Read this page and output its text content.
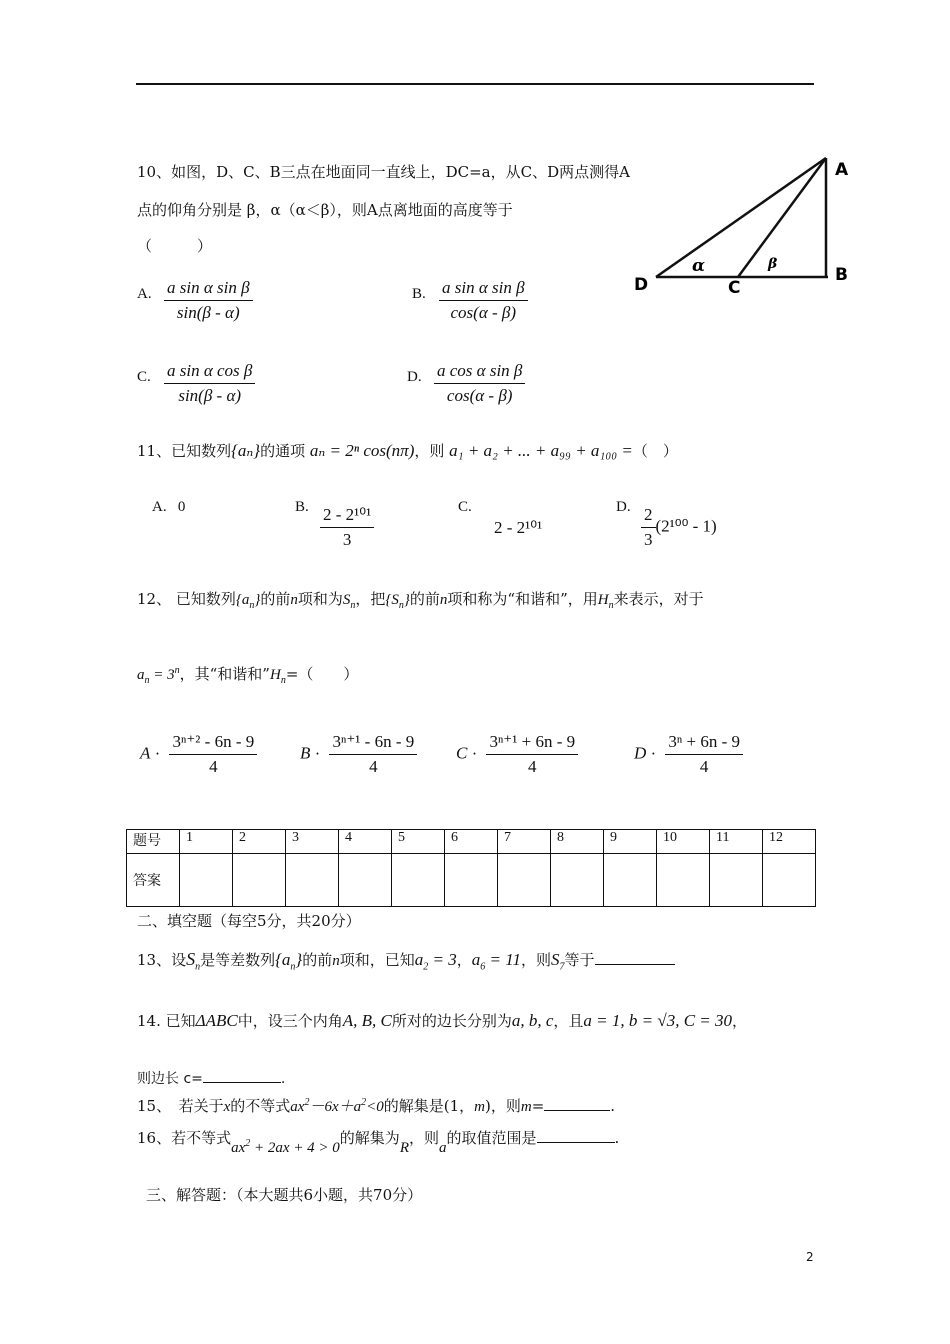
10、如图，D、C、B三点在地面同一直线上，DC=a，从C、D两点测得A
点的仰角分别是 β，α（α＜β），则A点离地面的高度等于
（　　　）
A
B
C
D
α	β
A. $\frac{\text{a sin α sin β}}{\sin(\beta - \alpha)}$	B. $\frac{\text{a sin α sin β}}{\cos(\alpha - \beta)}$
C. $\frac{\text{a sin α cos β}}{\sin(\beta - \alpha)}$	D. $\frac{\text{a cos α sin β}}{\cos(\alpha - \beta)}$
11、已知数列{aₙ}的通项 aₙ = 2ⁿ cos(nπ)，则 a₁ + a₂ + ... + a₉₉ + a₁₀₀ =（　）
A. 0	B. $\frac{\text{2 - 2¹⁰¹}}{3}$	C.
2 - 2¹⁰¹
D. $\frac{2}{3} (2^{100} - 1)$
12、 已知数列$\{a_n\}$的前n项和为$S_n$，把$\{S_n\}$的前n项和称为“和谐和”，用$H_n$来表示，对于
$a_n = 3^n$，其“和谐和$”H_n=$（　　）
$A \cdot \frac{\text{3ⁿ⁺² - 6n - 9}}{4}$	$B \cdot \frac{\text{3ⁿ⁺¹ - 6n - 9}}{4}$ $C \cdot \frac{\text{3ⁿ⁺¹ + 6n - 9}}{4}$	$D \cdot \frac{\text{3ⁿ + 6n - 9}}{4}$
题号	1	2	3	4	5	6	7	8	9	10	11	12
答案												
二、填空题（每空5分，共20分）
13、设$S_n$是等差数列$\{a_n\}$的前n项和，已知$a_2 = 3$，$a_6 = 11$，则$S_7$等于
14. 已知ΔABC中，设三个内角A, B, C所对的边长分别为a, b, c，且a = 1, b = √3, C = 30，
则边长 c=	.
15、　若关于x的不等式$ax^2-6x+a^2<0$的解集是(1，m)，则m=	.
16、若不等式$ax^2 + 2ax + 4 > 0$的解集为R，则a的取值范围是	.
三、解答题：（本大题共6小题，共70分）
2
